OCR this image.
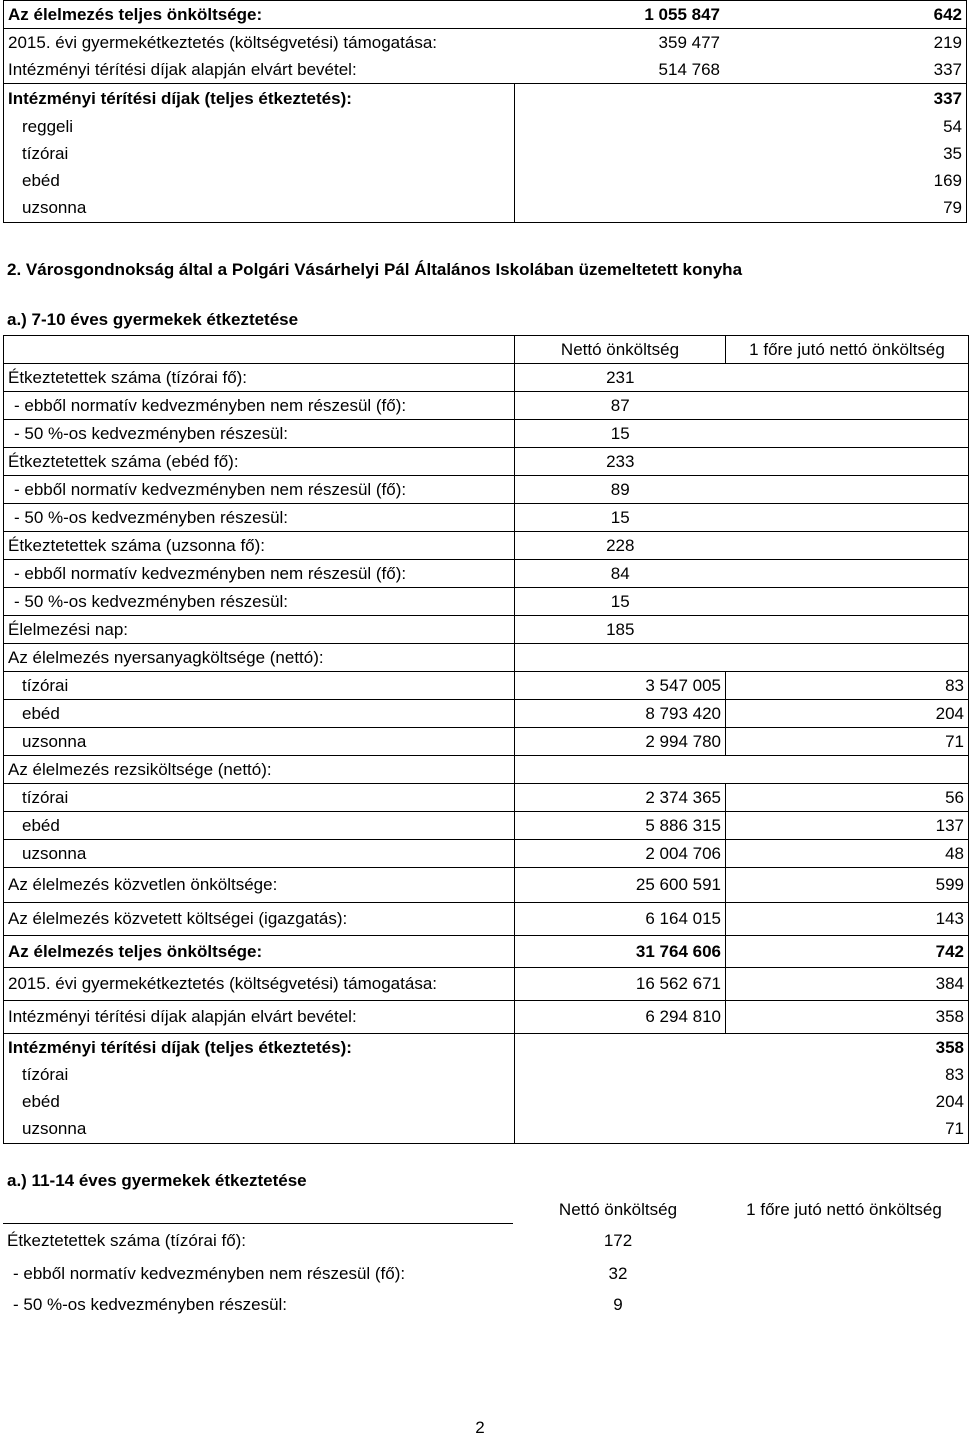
Az élelmezés teljes önköltsége:	1 055 847	642
2015. évi gyermekétkeztetés (költségvetési) támogatása:	359 477	219
Intézményi térítési díjak alapján elvárt bevétel:	514 768	337
Intézményi térítési díjak (teljes étkeztetés):		337
reggeli		54
tízórai		35
ebéd		169
uzsonna		79
2. Városgondnokság által a Polgári Vásárhelyi Pál Általános Iskolában üzemeltetett konyha
a.) 7-10 éves gyermekek étkeztetése
	Nettó önköltség	1 főre jutó nettó önköltség
Étkeztetettek száma (tízórai fő):	231	
- ebből normatív kedvezményben nem részesül (fő):	87	
- 50 %-os kedvezményben részesül:	15	
Étkeztetettek száma (ebéd fő):	233	
- ebből normatív kedvezményben nem részesül (fő):	89	
- 50 %-os kedvezményben részesül:	15	
Étkeztetettek száma (uzsonna fő):	228	
- ebből normatív kedvezményben nem részesül (fő):	84	
- 50 %-os kedvezményben részesül:	15	
Élelmezési nap:	185	
Az élelmezés nyersanyagköltsége (nettó):		
tízórai	3 547 005	83
ebéd	8 793 420	204
uzsonna	2 994 780	71
Az élelmezés rezsiköltsége (nettó):		
tízórai	2 374 365	56
ebéd	5 886 315	137
uzsonna	2 004 706	48
Az élelmezés közvetlen önköltsége:	25 600 591	599
Az élelmezés közvetett költségei (igazgatás):	6 164 015	143
Az élelmezés teljes önköltsége:	31 764 606	742
2015. évi gyermekétkeztetés (költségvetési) támogatása:	16 562 671	384
Intézményi térítési díjak alapján elvárt bevétel:	6 294 810	358
Intézményi térítési díjak (teljes étkeztetés):		358
tízórai		83
ebéd		204
uzsonna		71
a.) 11-14 éves gyermekek étkeztetése
	Nettó önköltség	1 főre jutó nettó önköltség
Étkeztetettek száma (tízórai fő):	172	
- ebből normatív kedvezményben nem részesül (fő):	32	
- 50 %-os kedvezményben részesül:	9	
2
